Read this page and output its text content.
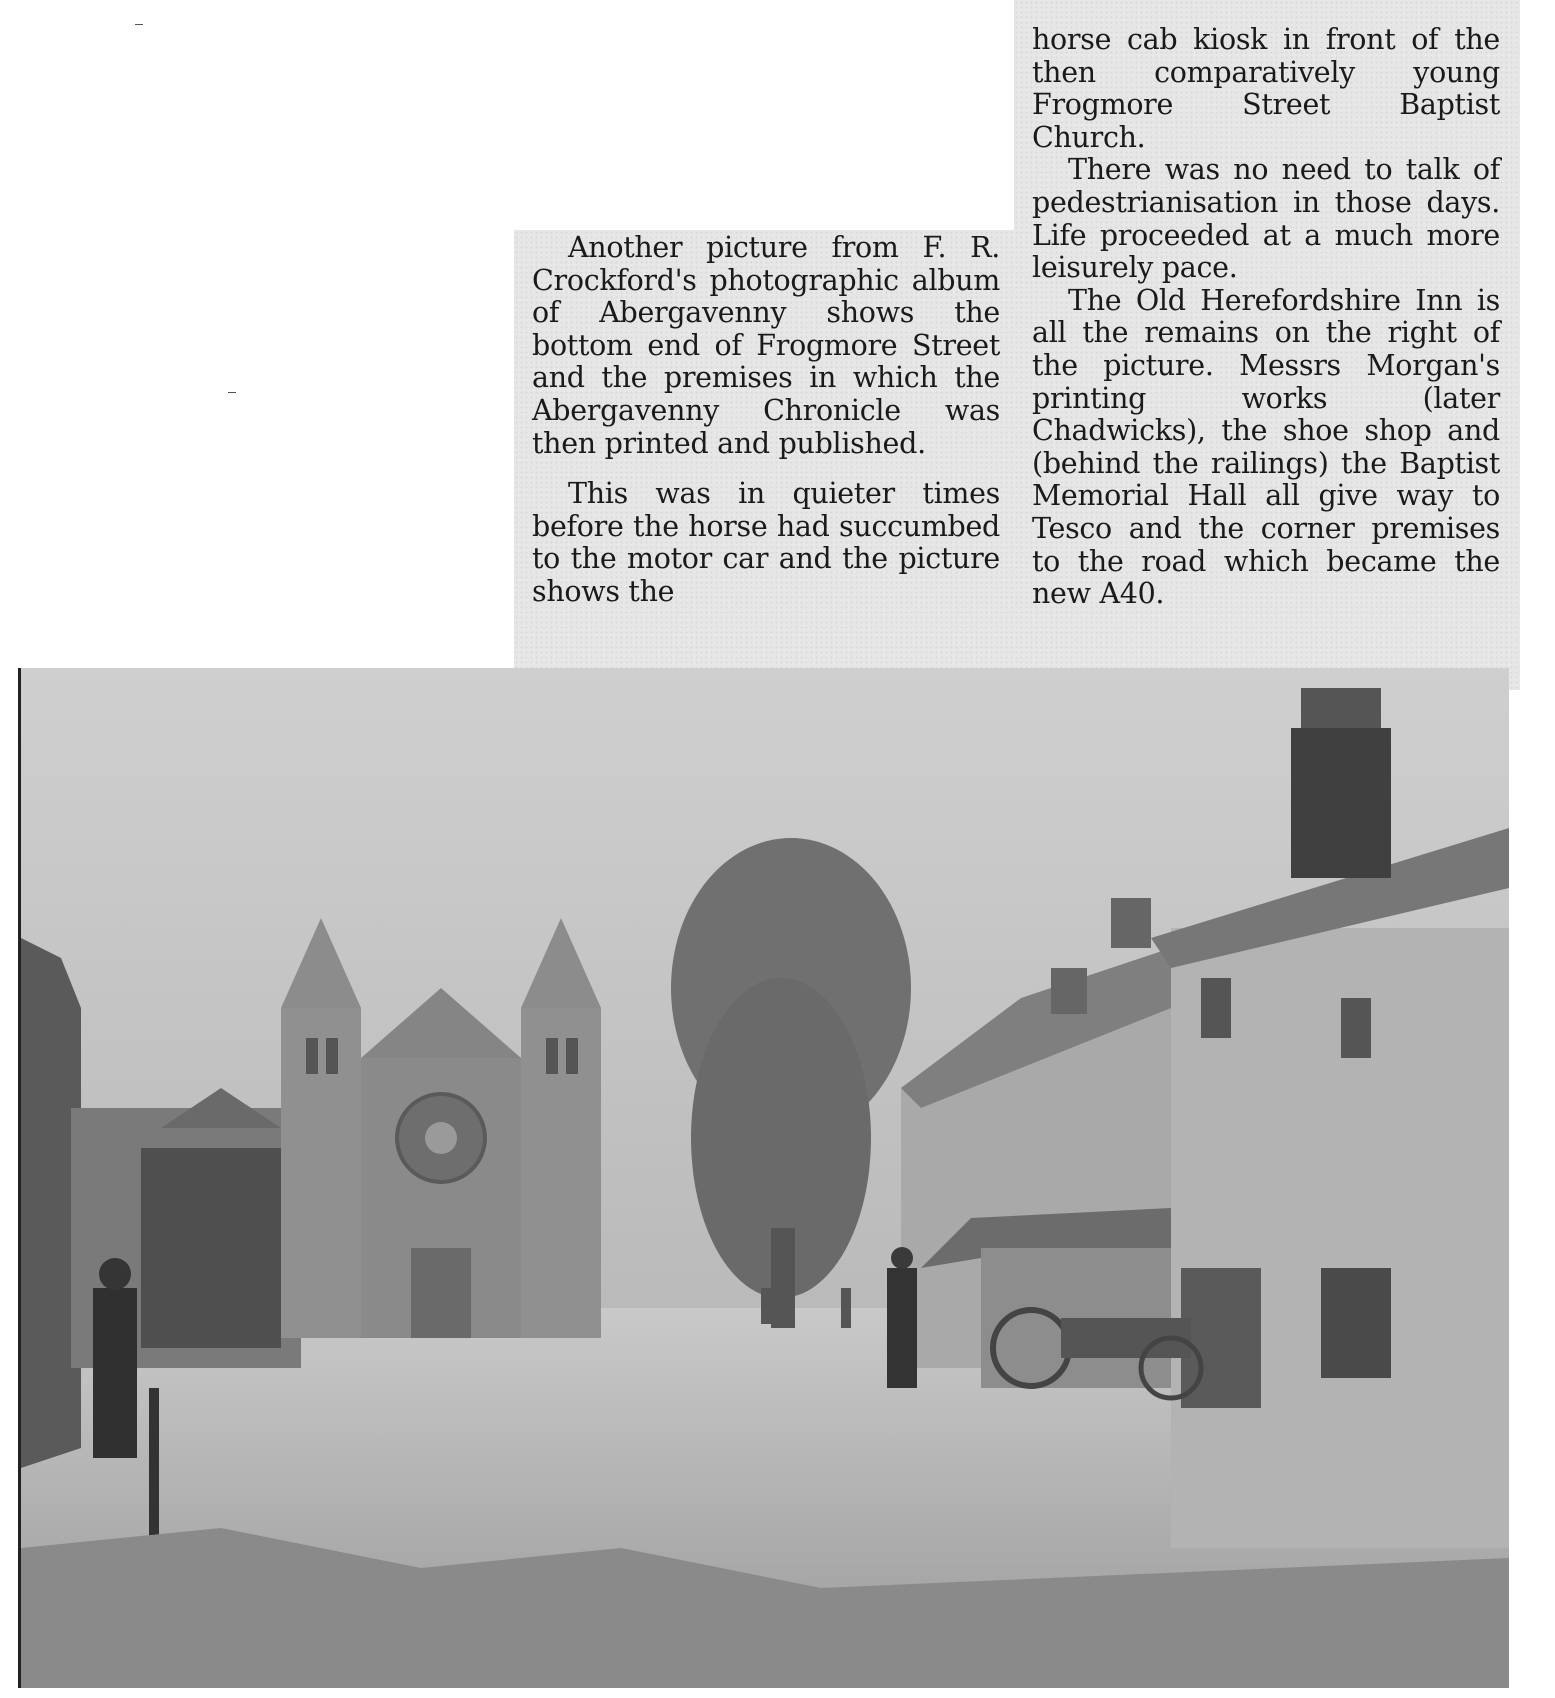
Another picture from F. R. Crockford's photographic album of Abergavenny shows the bottom end of Frogmore Street and the premises in which the Abergavenny Chronicle was then printed and published.

This was in quieter times before the horse had succumbed to the motor car and the picture shows the

horse cab kiosk in front of the then comparatively young Frogmore Street Baptist Church.

There was no need to talk of pedestrianisation in those days. Life proceeded at a much more leisurely pace.

The Old Herefordshire Inn is all the remains on the right of the picture. Messrs Morgan's printing works (later Chadwicks), the shoe shop and (behind the railings) the Baptist Memorial Hall all give way to Tesco and the corner premises to the road which became the new A40.
